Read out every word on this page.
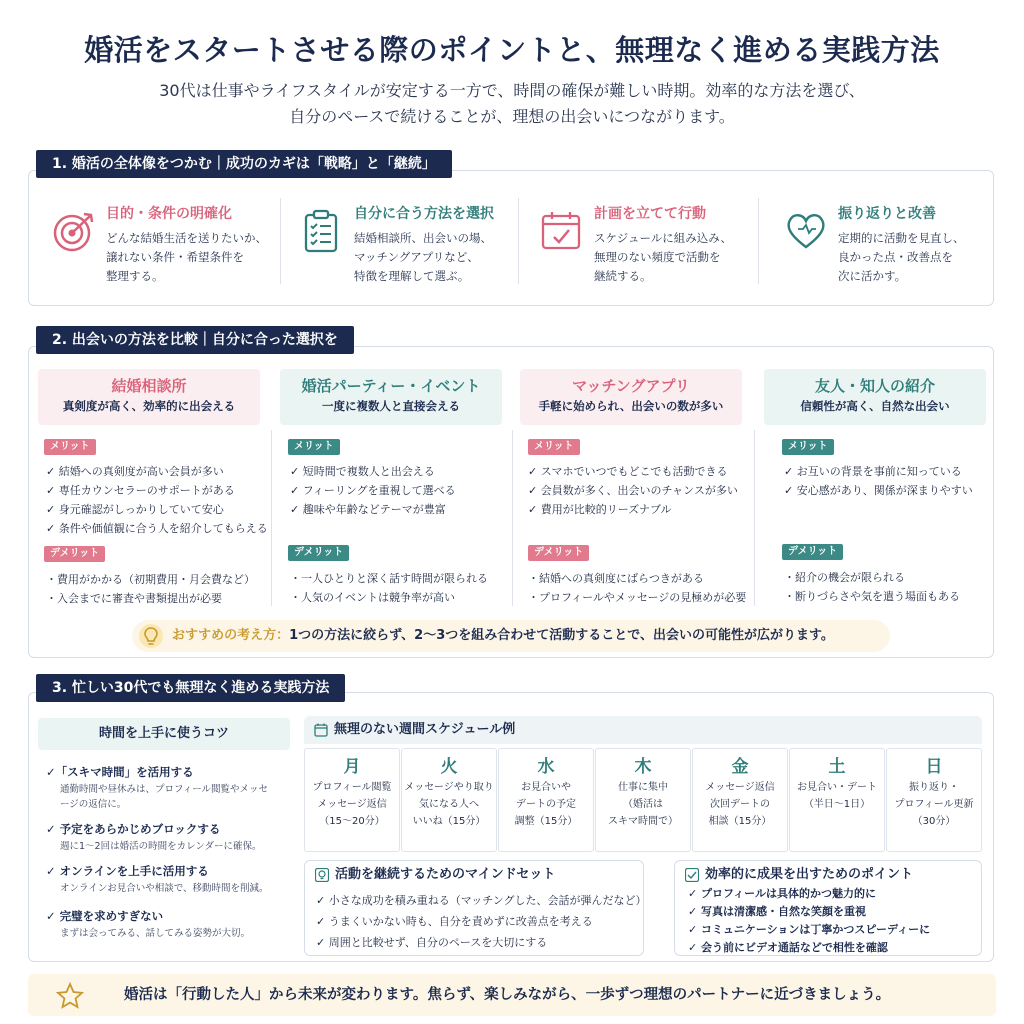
婚活をスタートさせる際のポイントと、無理なく進める実践方法
30代は仕事やライフスタイルが安定する一方で、時間の確保が難しい時期。効率的な方法を選び、
自分のペースで続けることが、理想の出会いにつながります。
1. 婚活の全体像をつかむ｜成功のカギは「戦略」と「継続」
目的・条件の明確化
どんな結婚生活を送りたいか、
譲れない条件・希望条件を
整理する。
自分に合う方法を選択
結婚相談所、出会いの場、
マッチングアプリなど、
特徴を理解して選ぶ。
計画を立てて行動
スケジュールに組み込み、
無理のない頻度で活動を
継続する。
振り返りと改善
定期的に活動を見直し、
良かった点・改善点を
次に活かす。
2. 出会いの方法を比較｜自分に合った選択を
結婚相談所
真剣度が高く、効率的に出会える
メリット
✓ 結婚への真剣度が高い会員が多い
✓ 専任カウンセラーのサポートがある
✓ 身元確認がしっかりしていて安心
✓ 条件や価値観に合う人を紹介してもらえる
デメリット
・費用がかかる（初期費用・月会費など）
・入会までに審査や書類提出が必要
婚活パーティー・イベント
一度に複数人と直接会える
メリット
✓ 短時間で複数人と出会える
✓ フィーリングを重視して選べる
✓ 趣味や年齢などテーマが豊富
デメリット
・一人ひとりと深く話す時間が限られる
・人気のイベントは競争率が高い
マッチングアプリ
手軽に始められ、出会いの数が多い
メリット
✓ スマホでいつでもどこでも活動できる
✓ 会員数が多く、出会いのチャンスが多い
✓ 費用が比較的リーズナブル
デメリット
・結婚への真剣度にばらつきがある
・プロフィールやメッセージの見極めが必要
友人・知人の紹介
信頼性が高く、自然な出会い
メリット
✓ お互いの背景を事前に知っている
✓ 安心感があり、関係が深まりやすい
デメリット
・紹介の機会が限られる
・断りづらさや気を遣う場面もある
おすすめの考え方：1つの方法に絞らず、2〜3つを組み合わせて活動することで、出会いの可能性が広がります。
3. 忙しい30代でも無理なく進める実践方法
時間を上手に使うコツ
✓「スキマ時間」を活用する
通勤時間や昼休みは、プロフィール閲覧やメッセ
ージの返信に。
✓ 予定をあらかじめブロックする
週に1〜2回は婚活の時間をカレンダーに確保。
✓ オンラインを上手に活用する
オンラインお見合いや相談で、移動時間を削減。
✓ 完璧を求めすぎない
まずは会ってみる、話してみる姿勢が大切。
無理のない週間スケジュール例
月
プロフィール閲覧
メッセージ返信
（15〜20分）
火
メッセージやり取り
気になる人へ
いいね（15分）
水
お見合いや
デートの予定
調整（15分）
木
仕事に集中
（婚活は
スキマ時間で）
金
メッセージ返信
次回デートの
相談（15分）
土
お見合い・デート
（半日〜1日）
日
振り返り・
プロフィール更新
（30分）
活動を継続するためのマインドセット
✓ 小さな成功を積み重ねる（マッチングした、会話が弾んだなど）
✓ うまくいかない時も、自分を責めずに改善点を考える
✓ 周囲と比較せず、自分のペースを大切にする
効率的に成果を出すためのポイント
✓ プロフィールは具体的かつ魅力的に
✓ 写真は清潔感・自然な笑顔を重視
✓ コミュニケーションは丁寧かつスピーディーに
✓ 会う前にビデオ通話などで相性を確認
婚活は「行動した人」から未来が変わります。焦らず、楽しみながら、一歩ずつ理想のパートナーに近づきましょう。
